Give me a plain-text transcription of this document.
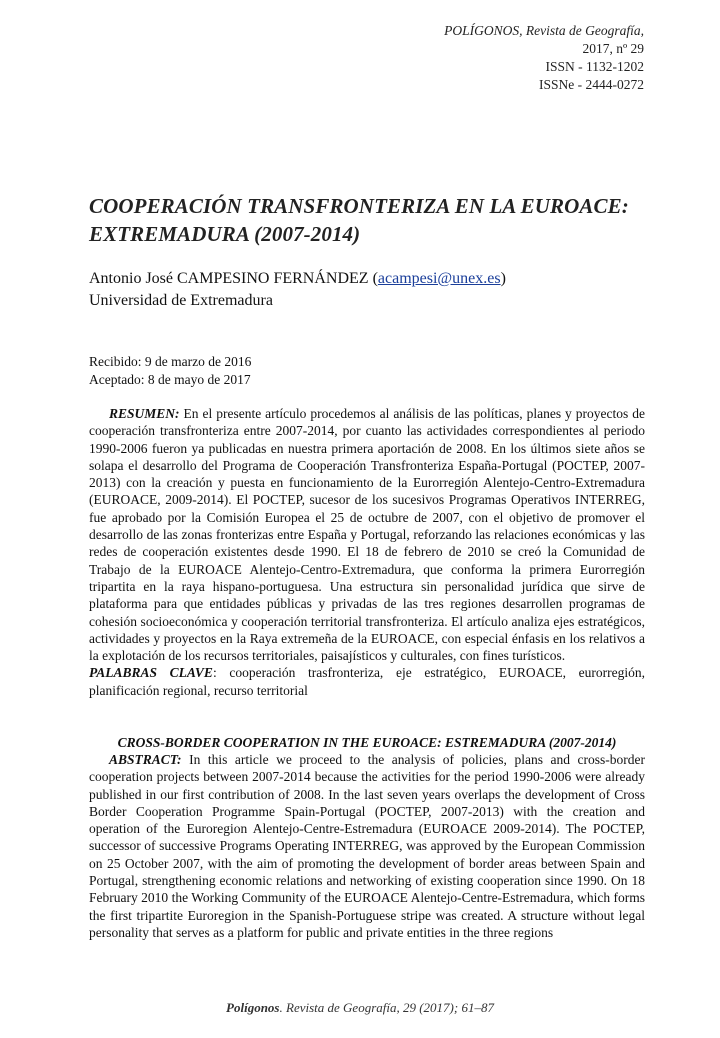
POLÍGONOS, Revista de Geografía,
2017, nº 29
ISSN - 1132-1202
ISSNe - 2444-0272
COOPERACIÓN TRANSFRONTERIZA EN LA EUROACE:
EXTREMADURA (2007-2014)
Antonio José CAMPESINO FERNÁNDEZ (acampesi@unex.es)
Universidad de Extremadura
Recibido: 9 de marzo de 2016
Aceptado: 8 de mayo de 2017

RESUMEN: En el presente artículo procedemos al análisis de las políticas, planes y proyectos de cooperación transfronteriza entre 2007-2014, por cuanto las actividades correspondientes al periodo 1990-2006 fueron ya publicadas en nuestra primera aportación de 2008. En los últimos siete años se solapa el desarrollo del Programa de Cooperación Transfronteriza España-Portugal (POCTEP, 2007-2013) con la creación y puesta en funcionamiento de la Eurorregión Alentejo-Centro-Extremadura (EUROACE, 2009-2014). El POCTEP, sucesor de los sucesivos Programas Operativos INTERREG, fue aprobado por la Comisión Europea el 25 de octubre de 2007, con el objetivo de promover el desarrollo de las zonas fronterizas entre España y Portugal, reforzando las relaciones económicas y las redes de cooperación existentes desde 1990. El 18 de febrero de 2010 se creó la Comunidad de Trabajo de la EUROACE Alentejo-Centro-Extremadura, que conforma la primera Eurorregión tripartita en la raya hispano-portuguesa. Una estructura sin personalidad jurídica que sirve de plataforma para que entidades públicas y privadas de las tres regiones desarrollen programas de cohesión socioeconómica y cooperación territorial transfronteriza. El artículo analiza ejes estratégicos, actividades y proyectos en la Raya extremeña de la EUROACE, con especial énfasis en los relativos a la explotación de los recursos territoriales, paisajísticos y culturales, con fines turísticos.

PALABRAS CLAVE: cooperación trasfronteriza, eje estratégico, EUROACE, eurorregión, planificación regional, recurso territorial

CROSS-BORDER COOPERATION IN THE EUROACE: ESTREMADURA (2007-2014)

ABSTRACT: In this article we proceed to the analysis of policies, plans and cross-border cooperation projects between 2007-2014 because the activities for the period 1990-2006 were already published in our first contribution of 2008. In the last seven years overlaps the development of Cross Border Cooperation Programme Spain-Portugal (POCTEP, 2007-2013) with the creation and operation of the Euroregion Alentejo-Centre-Estremadura (EUROACE 2009-2014). The POCTEP, successor of successive Programs Operating INTERREG, was approved by the European Commission on 25 October 2007, with the aim of promoting the development of border areas between Spain and Portugal, strengthening economic relations and networking of existing cooperation since 1990. On 18 February 2010 the Working Community of the EUROACE Alentejo-Centre-Estremadura, which forms the first tripartite Euroregion in the Spanish-Portuguese stripe was created. A structure without legal personality that serves as a platform for public and private entities in the three regions

Polígonos. Revista de Geografía, 29 (2017); 61–87
